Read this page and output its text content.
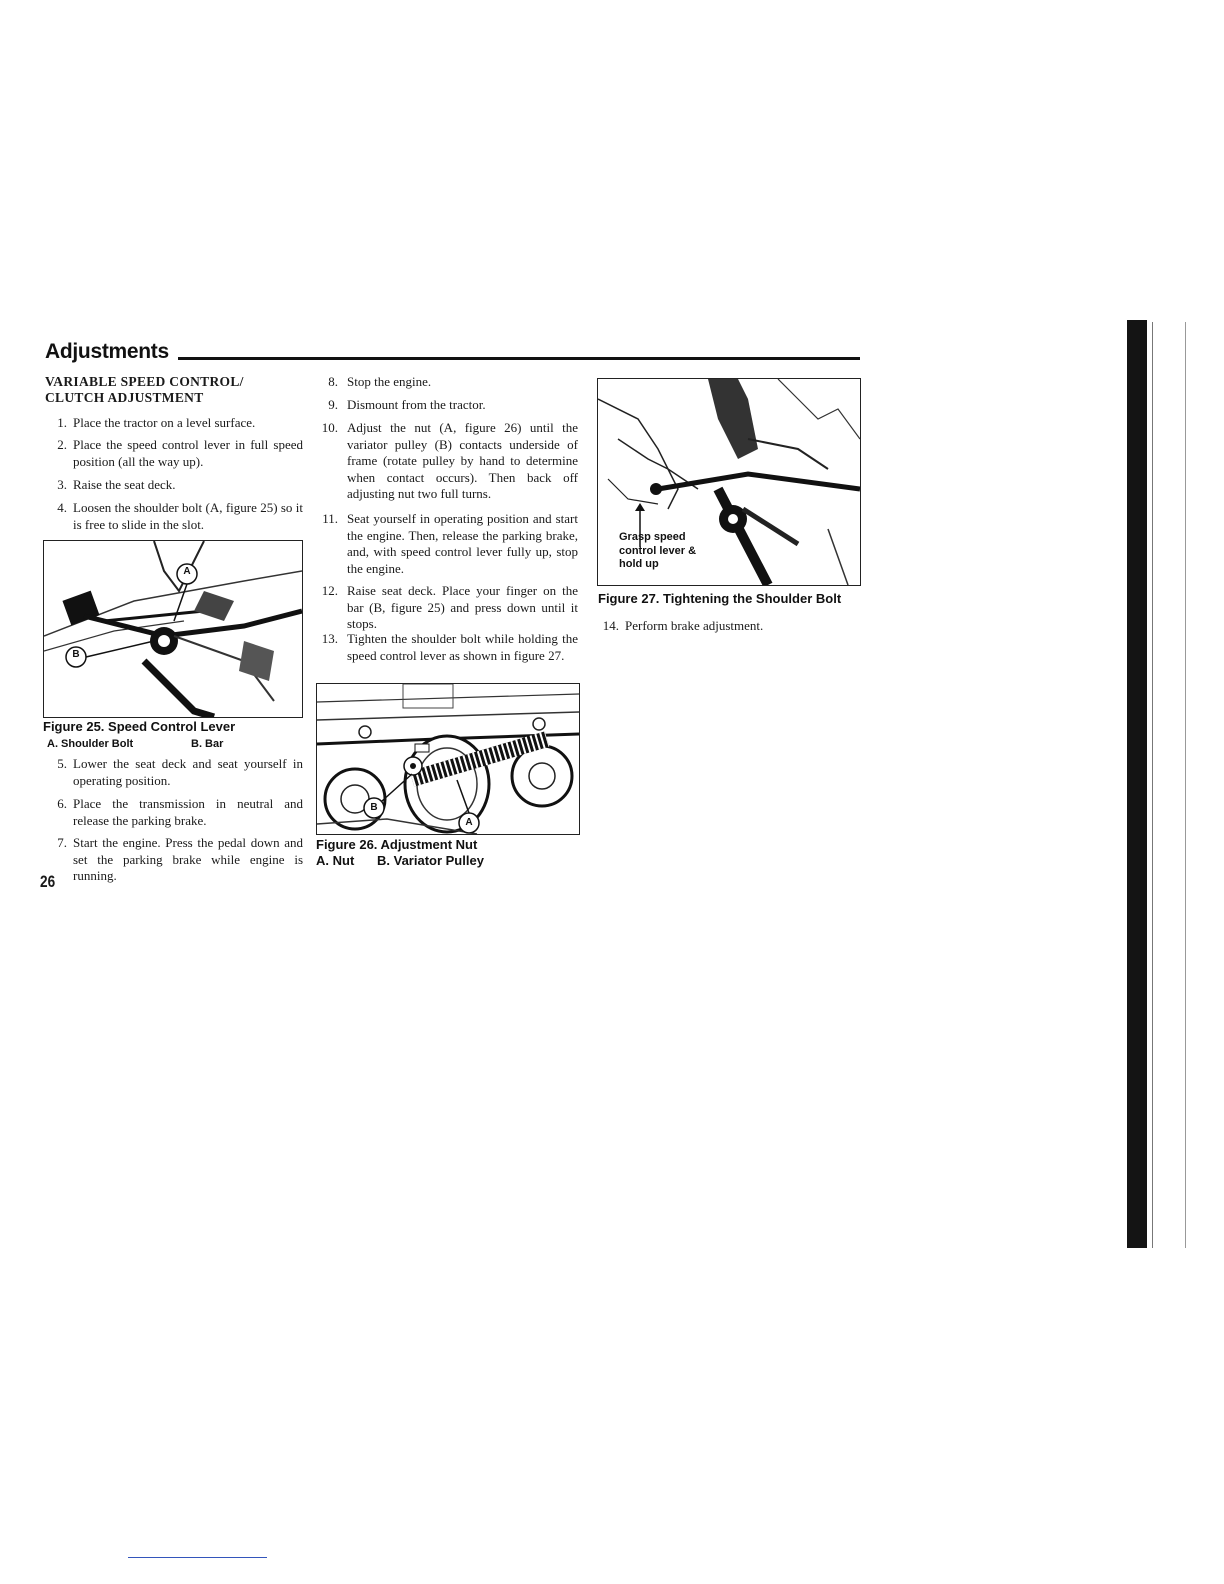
Adjustments
VARIABLE SPEED CONTROL/
CLUTCH ADJUSTMENT
1. Place the tractor on a level surface.
2. Place the speed control lever in full speed position (all the way up).
3. Raise the seat deck.
4. Loosen the shoulder bolt (A, figure 25) so it is free to slide in the slot.
A
B
Figure 25. Speed Control Lever
A. Shoulder Bolt	B. Bar
5. Lower the seat deck and seat yourself in operating position.
6. Place the transmission in neutral and release the parking brake.
7. Start the engine. Press the pedal down and set the parking brake while engine is running.
26
8. Stop the engine.
9. Dismount from the tractor.
10. Adjust the nut (A, figure 26) until the variator pulley (B) contacts underside of frame (rotate pulley by hand to determine when contact occurs). Then back off adjusting nut two full turns.
11. Seat yourself in operating position and start the engine. Then, release the parking brake, and, with speed control lever fully up, stop the engine.
12. Raise seat deck. Place your finger on the bar (B, figure 25) and press down until it stops.
13. Tighten the shoulder bolt while holding the speed control lever as shown in figure 27.
B
A
Figure 26. Adjustment Nut
A. Nut B. Variator Pulley
Grasp speed
control lever &
hold up
Figure 27. Tightening the Shoulder Bolt
14. Perform brake adjustment.
